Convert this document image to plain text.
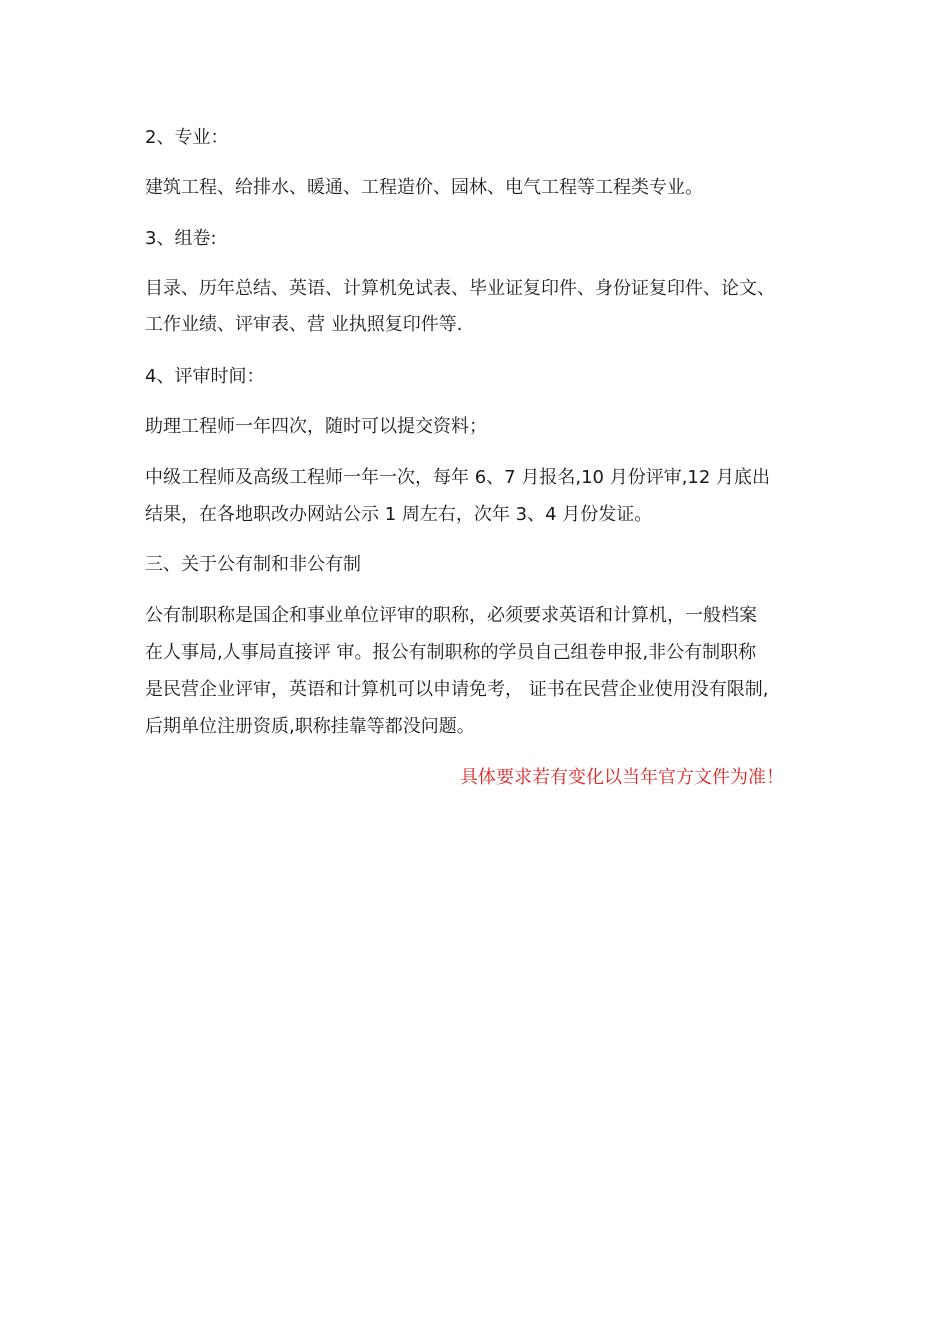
2、专业：
建筑工程、给排水、暖通、工程造价、园林、电气工程等工程类专业。
3、组卷:
目录、历年总结、英语、计算机免试表、毕业证复印件、身份证复印件、论文、
工作业绩、评审表、营 业执照复印件等.
4、评审时间：
助理工程师一年四次，随时可以提交资料；
中级工程师及高级工程师一年一次，每年 6、7 月报名,10 月份评审,12 月底出
结果，在各地职改办网站公示 1 周左右，次年 3、4 月份发证。
三、关于公有制和非公有制
公有制职称是国企和事业单位评审的职称，必须要求英语和计算机，一般档案
在人事局,人事局直接评 审。报公有制职称的学员自己组卷申报,非公有制职称
是民营企业评审，英语和计算机可以申请免考， 证书在民营企业使用没有限制,
后期单位注册资质,职称挂靠等都没问题。
具体要求若有变化以当年官方文件为准！
